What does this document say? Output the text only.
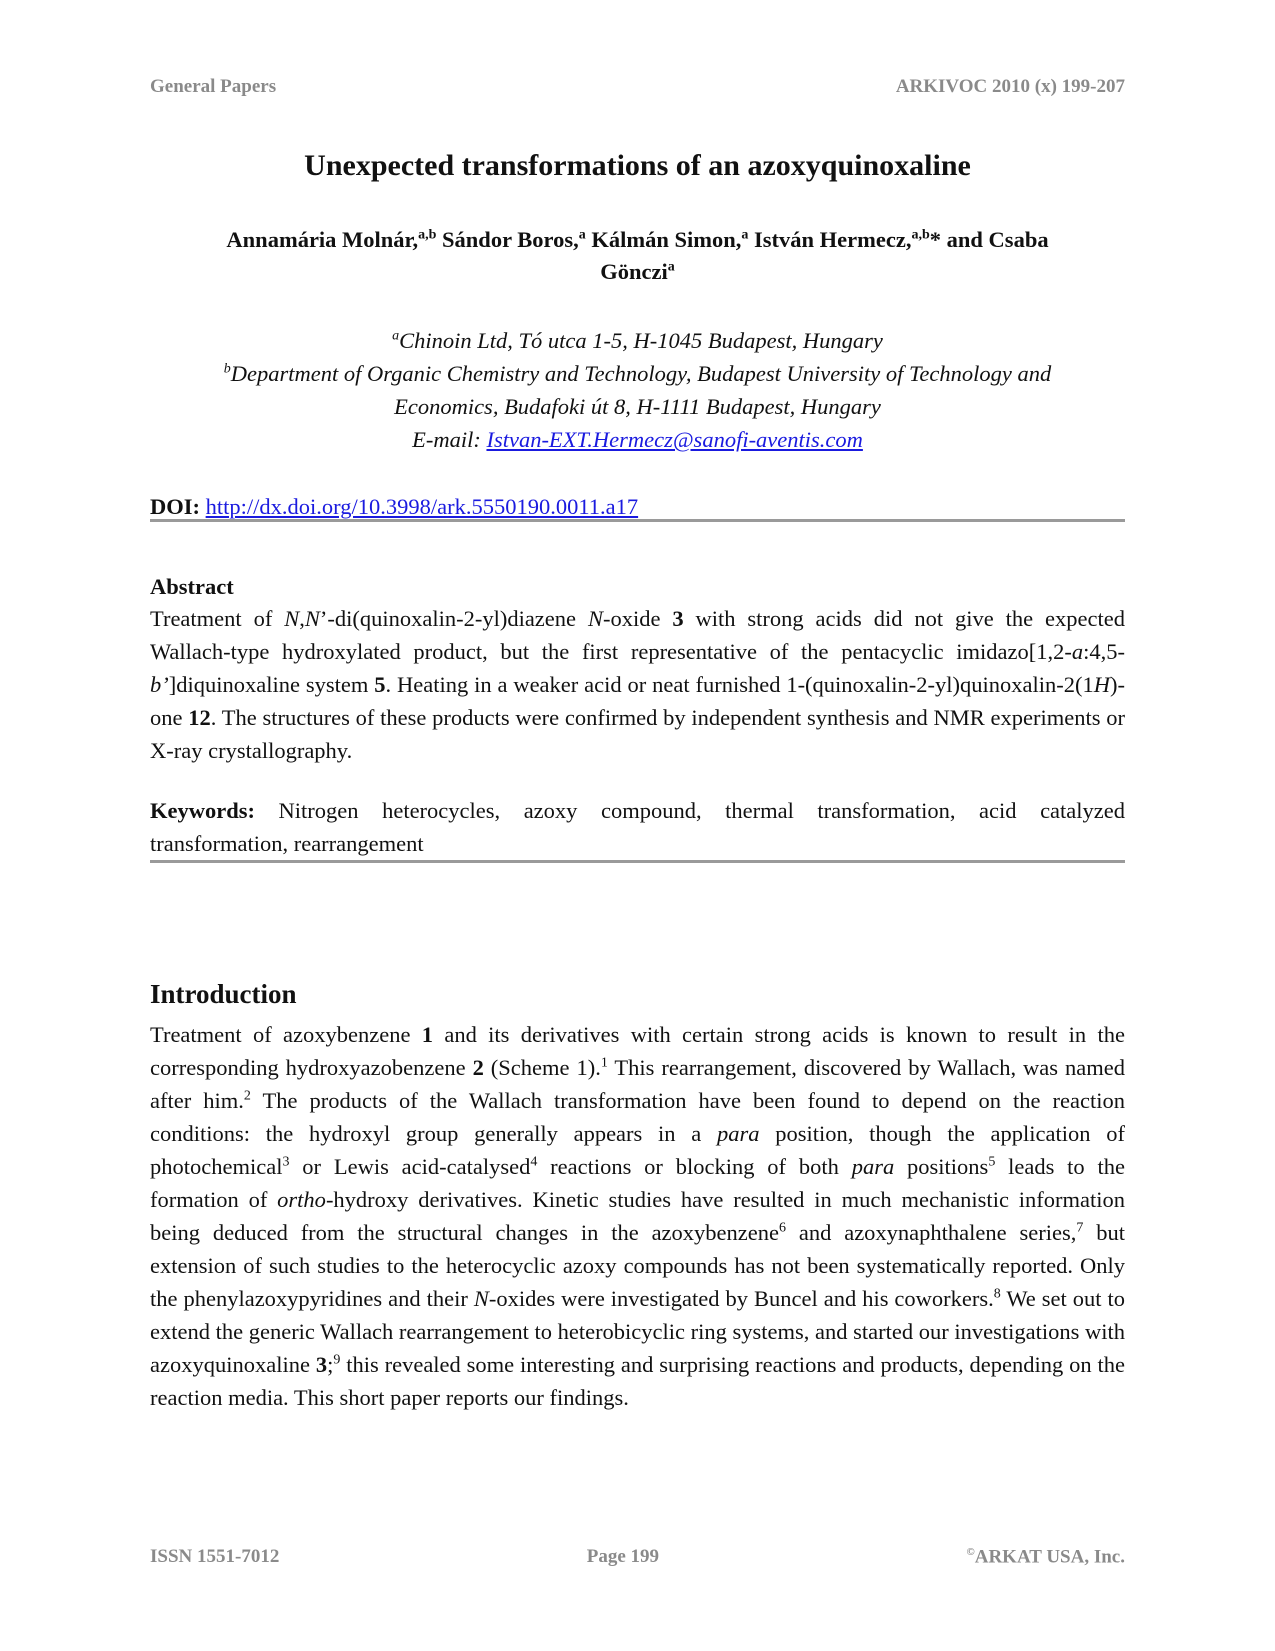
General Papers	ARKIVOC 2010 (x) 199-207
Unexpected transformations of an azoxyquinoxaline
Annamária Molnár,$^{a,b}$ Sándor Boros,$^a$ Kálmán Simon,$^a$ István Hermecz,$^{a,b}$* and Csaba
Gönczi$^a$
$^a$Chinoin Ltd, Tó utca 1-5, H-1045 Budapest, Hungary
$^b$Department of Organic Chemistry and Technology, Budapest University of Technology and
Economics, Budafoki út 8, H-1111 Budapest, Hungary
E-mail: Istvan-EXT.Hermecz@sanofi-aventis.com
DOI: http://dx.doi.org/10.3998/ark.5550190.0011.a17
Abstract
Treatment of N,N’-di(quinoxalin-2-yl)diazene N-oxide 3 with strong acids did not give the expected Wallach-type hydroxylated product, but the first representative of the pentacyclic imidazo[1,2-a:4,5-b’]diquinoxaline system 5. Heating in a weaker acid or neat furnished 1-(quinoxalin-2-yl)quinoxalin-2(1H)-one 12. The structures of these products were confirmed by independent synthesis and NMR experiments or X-ray crystallography.
Keywords: Nitrogen heterocycles, azoxy compound, thermal transformation, acid catalyzed transformation, rearrangement
Introduction
Treatment of azoxybenzene 1 and its derivatives with certain strong acids is known to result in the corresponding hydroxyazobenzene 2 (Scheme 1).$^1$ This rearrangement, discovered by Wallach, was named after him.$^2$ The products of the Wallach transformation have been found to depend on the reaction conditions: the hydroxyl group generally appears in a para position, though the application of photochemical$^3$ or Lewis acid-catalysed$^4$ reactions or blocking of both para positions$^5$ leads to the formation of ortho-hydroxy derivatives. Kinetic studies have resulted in much mechanistic information being deduced from the structural changes in the azoxybenzene$^6$ and azoxynaphthalene series,$^7$ but extension of such studies to the heterocyclic azoxy compounds has not been systematically reported. Only the phenylazoxypyridines and their N-oxides were investigated by Buncel and his coworkers.$^8$ We set out to extend the generic Wallach rearrangement to heterobicyclic ring systems, and started our investigations with azoxyquinoxaline 3;$^9$ this revealed some interesting and surprising reactions and products, depending on the reaction media. This short paper reports our findings.
ISSN 1551-7012	Page 199	©ARKAT USA, Inc.
